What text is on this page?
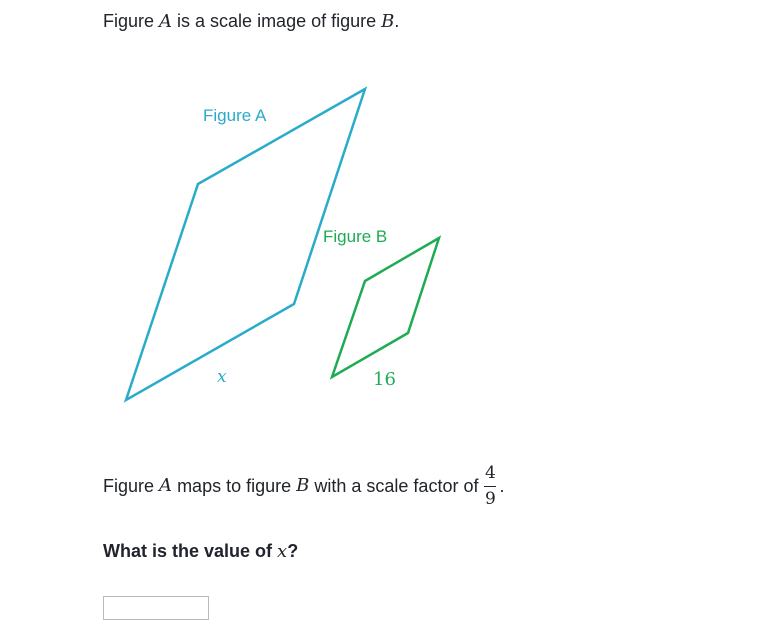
Figure A is a scale image of figure B.
Figure A
Figure B
x	16
Figure
A
maps to figure
B
with a scale factor of $\frac{4}{9}$ .
What is the value of x?
